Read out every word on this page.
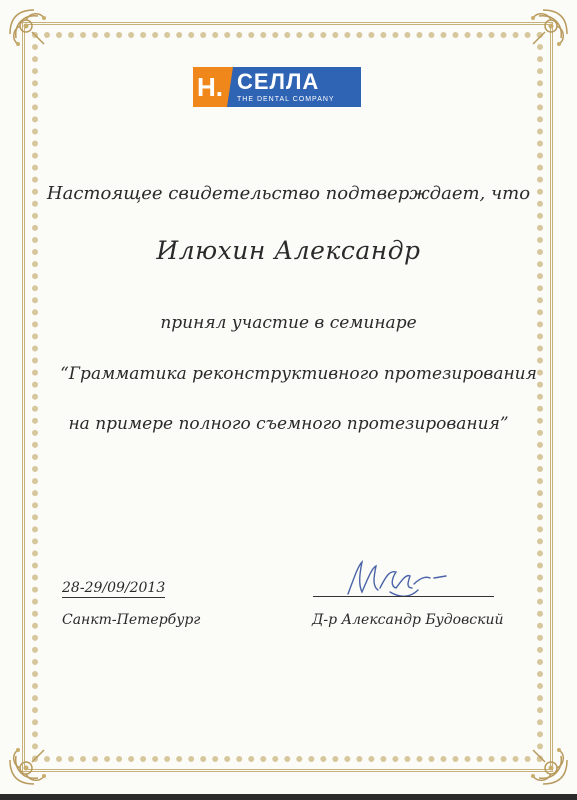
H. СЕЛЛА
THE DENTAL COMPANY
Настоящее свидетельство подтверждает, что
Илюхин Александр
принял участие в семинаре
“Грамматика реконструктивного протезирования
на примере полного съемного протезирования”
28-29/09/2013
Санкт-Петербург	Д-р Александр Будовский
